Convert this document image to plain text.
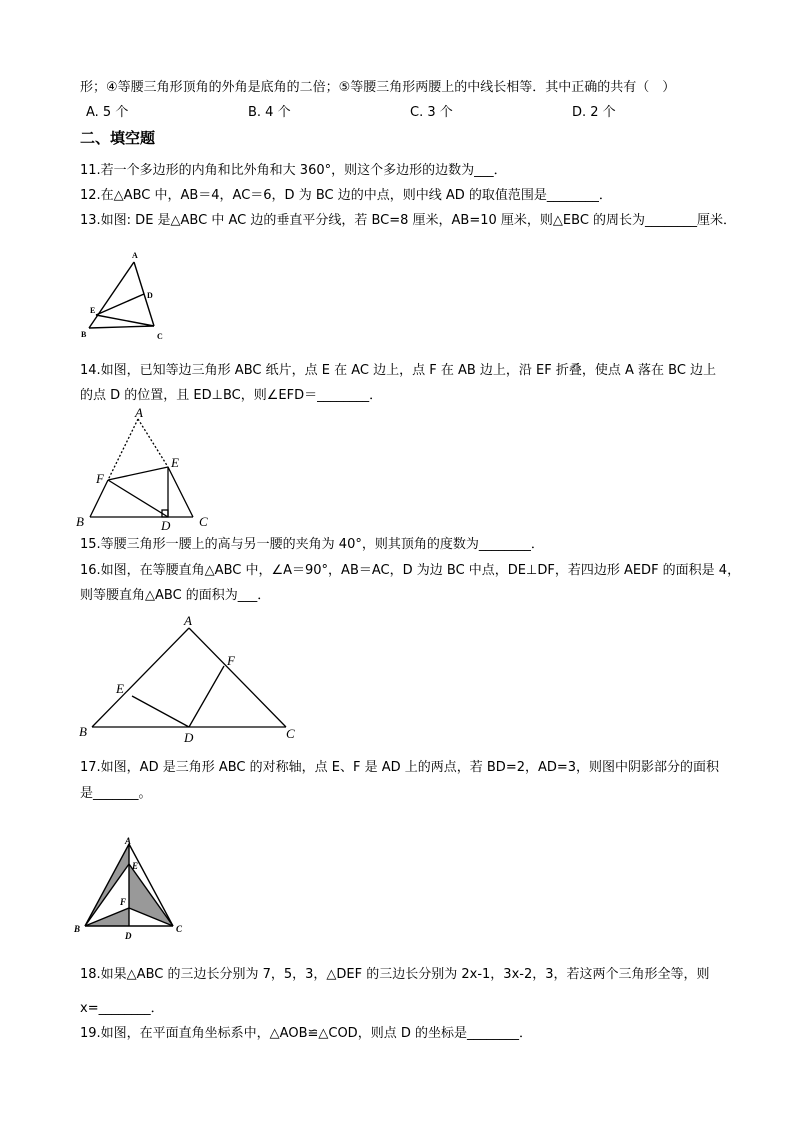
形；④等腰三角形顶角的外角是底角的二倍；⑤等腰三角形两腰上的中线长相等．其中正确的共有（　）
A. 5 个	B. 4 个	C. 3 个	D. 2 个
二、填空题
11.若一个多边形的内角和比外角和大 360°，则这个多边形的边数为___．
12.在△ABC 中，AB＝4，AC＝6，D 为 BC 边的中点，则中线 AD 的取值范围是________．
13.如图: DE 是△ABC 中 AC 边的垂直平分线，若 BC=8 厘米，AB=10 厘米，则△EBC 的周长为________厘米．
A
B	C
D
E
14.如图，已知等边三角形 ABC 纸片，点 E 在 AC 边上，点 F 在 AB 边上，沿 EF 折叠，使点 A 落在 BC 边上
的点 D 的位置，且 ED⊥BC，则∠EFD＝________．
A
B	C
D
E
F
15.等腰三角形一腰上的高与另一腰的夹角为 40°，则其顶角的度数为________．
16.如图，在等腰直角△ABC 中，∠A＝90°，AB＝AC，D 为边 BC 中点，DE⊥DF，若四边形 AEDF 的面积是 4，
则等腰直角△ABC 的面积为___．
A
B	C
D
E
F
17.如图，AD 是三角形 ABC 的对称轴，点 E、F 是 AD 上的两点，若 BD=2，AD=3，则图中阴影部分的面积
是_______。
A
B	C
D
E
F
18.如果△ABC 的三边长分别为 7，5，3，△DEF 的三边长分别为 2x-1，3x-2，3，若这两个三角形全等，则
x=________．
19.如图，在平面直角坐标系中，△AOB≌△COD，则点 D 的坐标是________．
